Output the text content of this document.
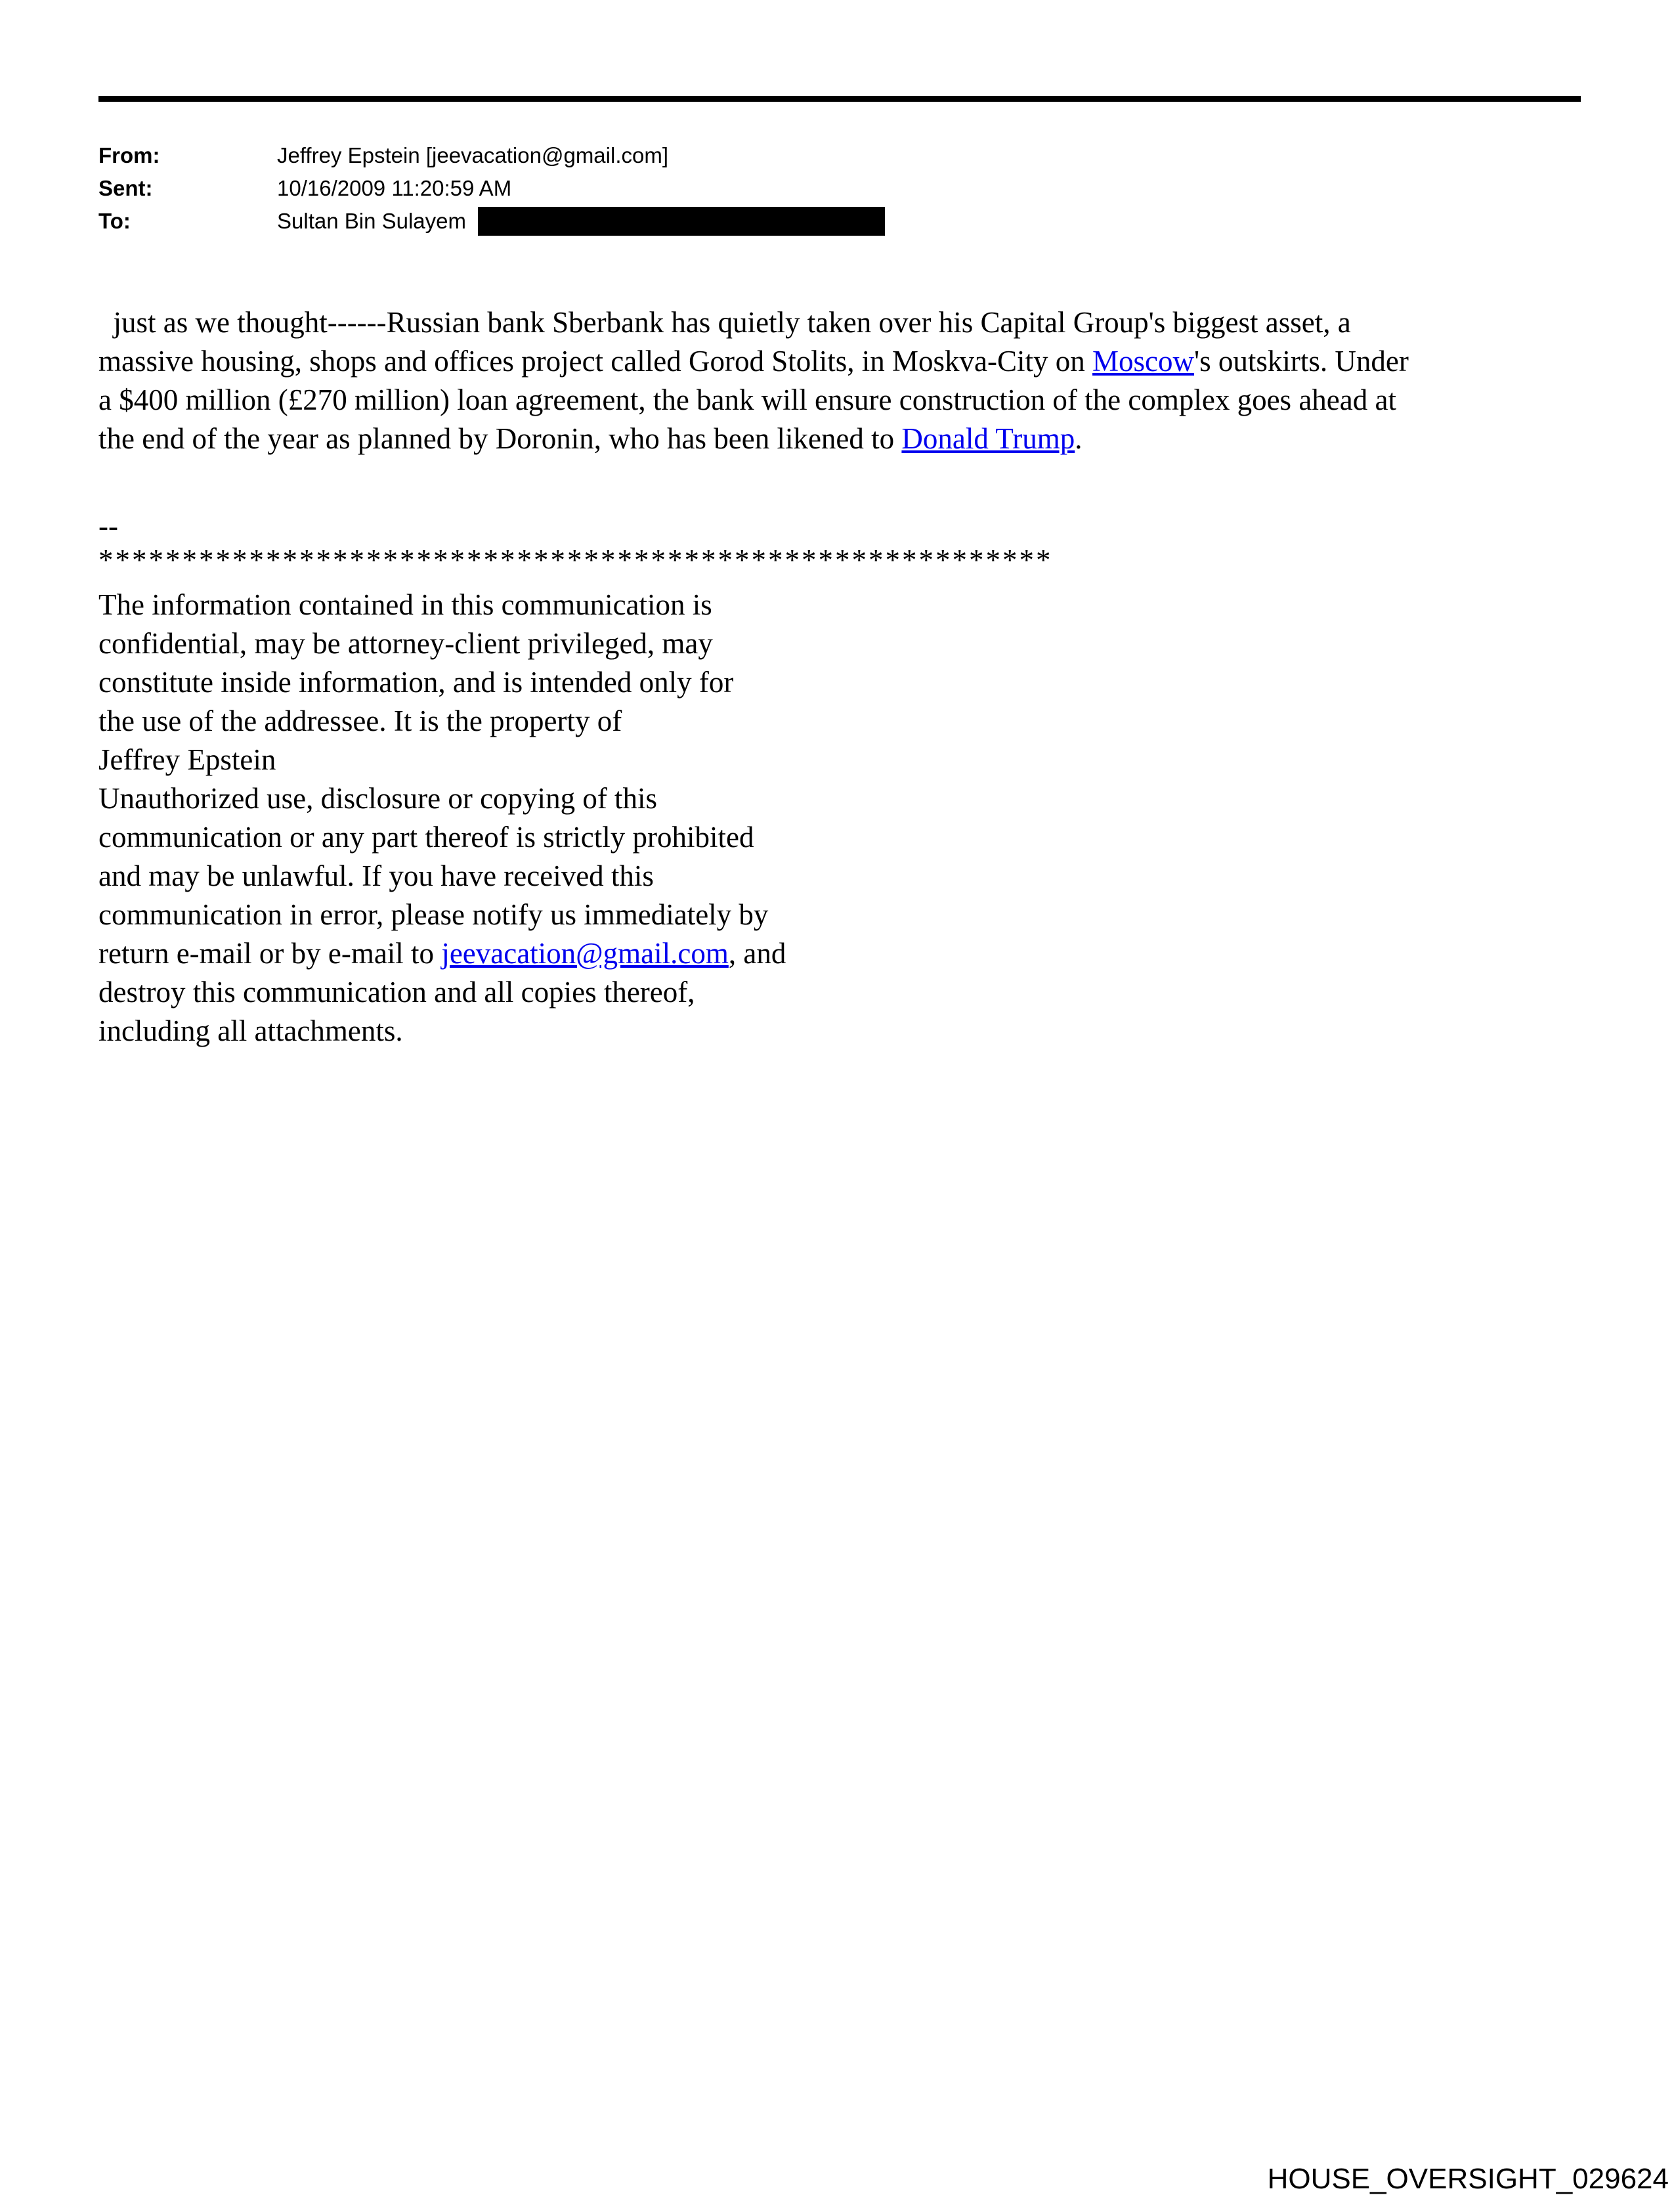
From:	Jeffrey Epstein [jeevacation@gmail.com]
Sent:	10/16/2009 11:20:59 AM
To:	Sultan Bin Sulayem
just as we thought------Russian bank Sberbank has quietly taken over his Capital Group's biggest asset, a
massive housing, shops and offices project called Gorod Stolits, in Moskva-City on Moscow's outskirts. Under
a $400 million (£270 million) loan agreement, the bank will ensure construction of the complex goes ahead at
the end of the year as planned by Doronin, who has been likened to Donald Trump.
--
*********************************************************
The information contained in this communication is
confidential, may be attorney-client privileged, may
constitute inside information, and is intended only for
the use of the addressee. It is the property of
Jeffrey Epstein
Unauthorized use, disclosure or copying of this
communication or any part thereof is strictly prohibited
and may be unlawful. If you have received this
communication in error, please notify us immediately by
return e-mail or by e-mail to jeevacation@gmail.com, and
destroy this communication and all copies thereof,
including all attachments.
HOUSE_OVERSIGHT_029624
